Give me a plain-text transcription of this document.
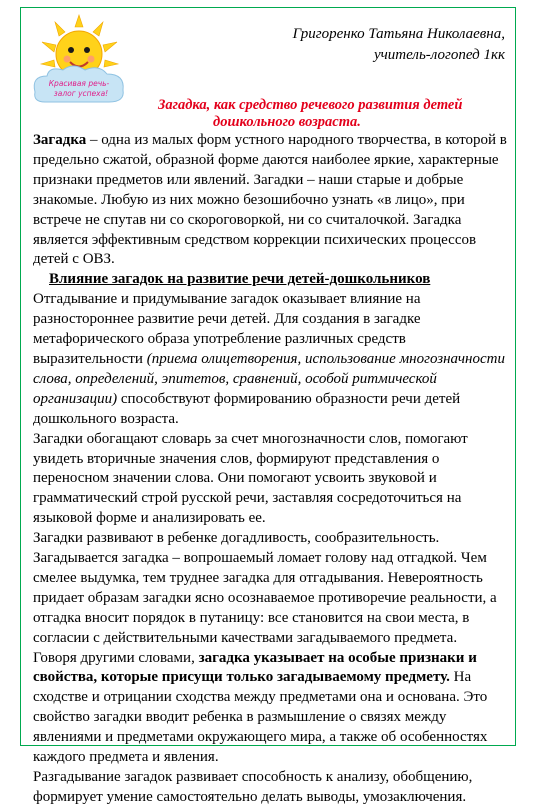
Красивая речь-
залог успеха!
Григоренко Татьяна Николаевна,
учитель-логопед 1кк
Загадка, как средство речевого развития детей
дошкольного возраста.

Загадка – одна из малых форм устного народного творчества, в которой в предельно сжатой, образной форме даются наиболее яркие, характерные признаки предметов или явлений. Загадки – наши старые и добрые знакомые. Любую из них можно безошибочно узнать «в лицо», при встрече не спутав ни со скороговоркой, ни со считалочкой. Загадка является эффективным средством коррекции психических процессов детей с ОВЗ.

Влияние загадок на развитие речи детей-дошкольников

Отгадывание и придумывание загадок оказывает влияние на разностороннее развитие речи детей. Для создания в загадке метафорического образа употребление различных средств выразительности (приема олицетворения, использование многозначности слова, определений, эпитетов, сравнений, особой ритмической организации) способствуют формированию образности речи детей дошкольного возраста.

Загадки обогащают словарь за счет многозначности слов, помогают увидеть вторичные значения слов, формируют представления о переносном значении слова. Они помогают усвоить звуковой и грамматический строй русской речи, заставляя сосредоточиться на языковой форме и анализировать ее.

Загадки развивают в ребенке догадливость, сообразительность. Загадывается загадка – вопрошаемый ломает голову над отгадкой. Чем смелее выдумка, тем труднее загадка для отгадывания. Невероятность придает образам загадки ясно осознаваемое противоречие реальности, а отгадка вносит порядок в путаницу: все становится на свои места, в согласии с действительными качествами загадываемого предмета.

Говоря другими словами, загадка указывает на особые признаки и свойства, которые присущи только загадываемому предмету. На сходстве и отрицании сходства между предметами она и основана. Это свойство загадки вводит ребенка в размышление о связях между явлениями и предметами окружающего мира, а также об особенностях каждого предмета и явления.

Разгадывание загадок развивает способность к анализу, обобщению, формирует умение самостоятельно делать выводы, умозаключения.
